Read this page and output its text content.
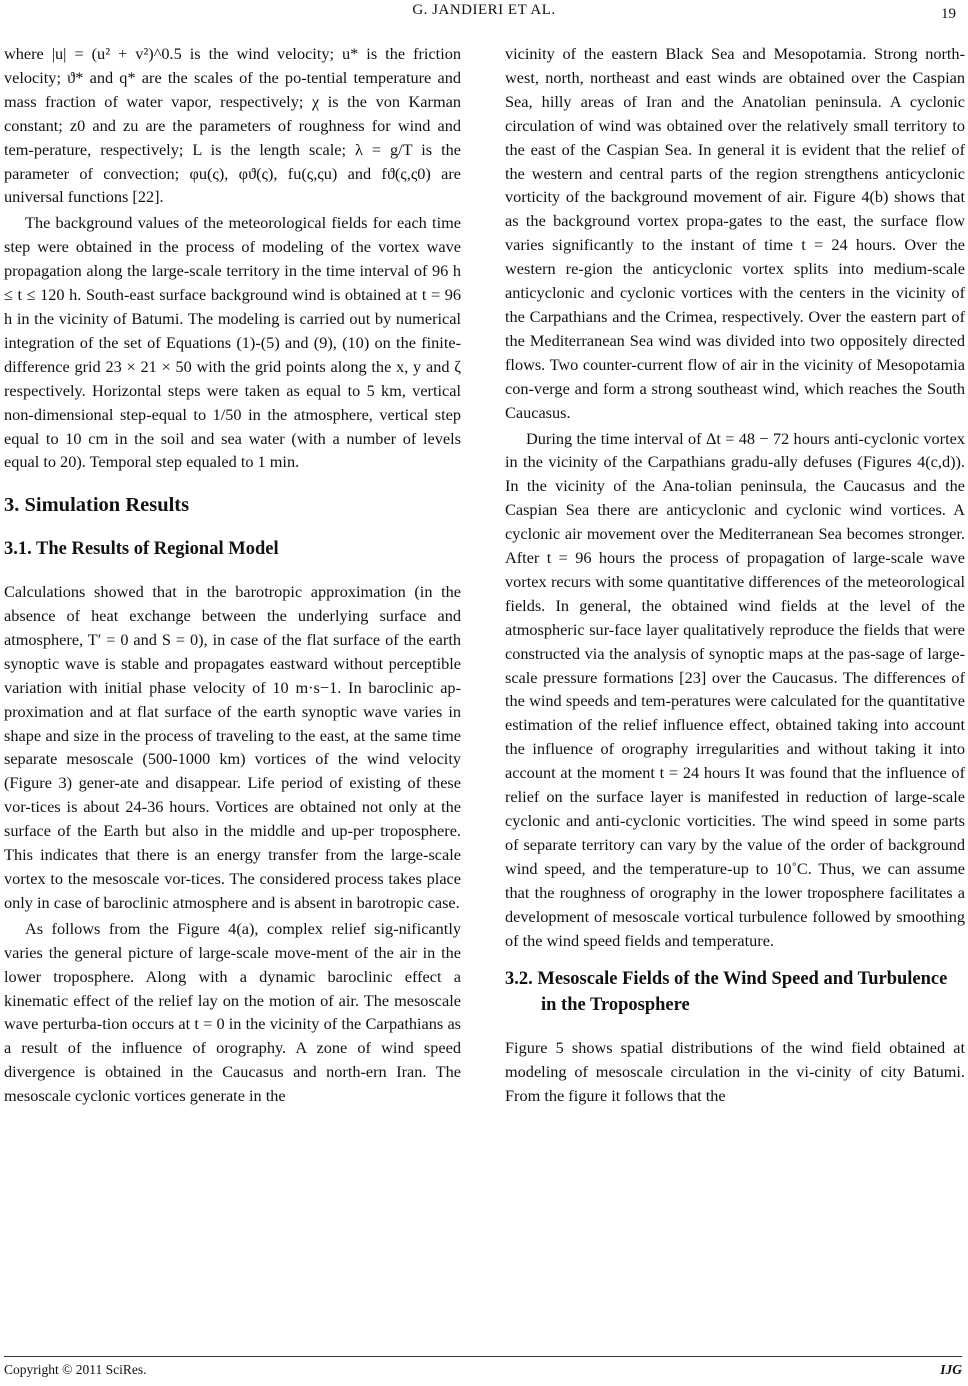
G. JANDIERI ET AL.	19

where |u| = (u² + v²)^0.5 is the wind velocity; u* is the friction velocity; ϑ* and q* are the scales of the po-tential temperature and mass fraction of water vapor, respectively; χ is the von Karman constant; z0 and zu are the parameters of roughness for wind and tem-perature, respectively; L is the length scale; λ = g/T is the parameter of convection; φu(ς), φϑ(ς), fu(ς,ςu) and fϑ(ς,ς0) are universal functions [22].

The background values of the meteorological fields for each time step were obtained in the process of modeling of the vortex wave propagation along the large-scale territory in the time interval of 96 h ≤ t ≤ 120 h. South-east surface background wind is obtained at t = 96 h in the vicinity of Batumi. The modeling is carried out by numerical integration of the set of Equations (1)-(5) and (9), (10) on the finite-difference grid 23 × 21 × 50 with the grid points along the x, y and ζ respectively. Horizontal steps were taken as equal to 5 km, vertical non-dimensional step-equal to 1/50 in the atmosphere, vertical step equal to 10 cm in the soil and sea water (with a number of levels equal to 20). Temporal step equaled to 1 min.

3. Simulation Results
3.1. The Results of Regional Model

Calculations showed that in the barotropic approximation (in the absence of heat exchange between the underlying surface and atmosphere, T′ = 0 and S = 0), in case of the flat surface of the earth synoptic wave is stable and propagates eastward without perceptible variation with initial phase velocity of 10 m·s−1. In baroclinic ap-proximation and at flat surface of the earth synoptic wave varies in shape and size in the process of traveling to the east, at the same time separate mesoscale (500-1000 km) vortices of the wind velocity (Figure 3) gener-ate and disappear. Life period of existing of these vor-tices is about 24-36 hours. Vortices are obtained not only at the surface of the Earth but also in the middle and up-per troposphere. This indicates that there is an energy transfer from the large-scale vortex to the mesoscale vor-tices. The considered process takes place only in case of baroclinic atmosphere and is absent in barotropic case.

As follows from the Figure 4(a), complex relief sig-nificantly varies the general picture of large-scale move-ment of the air in the lower troposphere. Along with a dynamic baroclinic effect a kinematic effect of the relief lay on the motion of air. The mesoscale wave perturba-tion occurs at t = 0 in the vicinity of the Carpathians as a result of the influence of orography. A zone of wind speed divergence is obtained in the Caucasus and north-ern Iran. The mesoscale cyclonic vortices generate in the

vicinity of the eastern Black Sea and Mesopotamia. Strong north-west, north, northeast and east winds are obtained over the Caspian Sea, hilly areas of Iran and the Anatolian peninsula. A cyclonic circulation of wind was obtained over the relatively small territory to the east of the Caspian Sea. In general it is evident that the relief of the western and central parts of the region strengthens anticyclonic vorticity of the background movement of air. Figure 4(b) shows that as the background vortex propa-gates to the east, the surface flow varies significantly to the instant of time t = 24 hours. Over the western re-gion the anticyclonic vortex splits into medium-scale anticyclonic and cyclonic vortices with the centers in the vicinity of the Carpathians and the Crimea, respectively. Over the eastern part of the Mediterranean Sea wind was divided into two oppositely directed flows. Two counter-current flow of air in the vicinity of Mesopotamia con-verge and form a strong southeast wind, which reaches the South Caucasus.

During the time interval of Δt = 48 − 72 hours anti-cyclonic vortex in the vicinity of the Carpathians gradu-ally defuses (Figures 4(c,d)). In the vicinity of the Ana-tolian peninsula, the Caucasus and the Caspian Sea there are anticyclonic and cyclonic wind vortices. A cyclonic air movement over the Mediterranean Sea becomes stronger. After t = 96 hours the process of propagation of large-scale wave vortex recurs with some quantitative differences of the meteorological fields. In general, the obtained wind fields at the level of the atmospheric sur-face layer qualitatively reproduce the fields that were constructed via the analysis of synoptic maps at the pas-sage of large-scale pressure formations [23] over the Caucasus. The differences of the wind speeds and tem-peratures were calculated for the quantitative estimation of the relief influence effect, obtained taking into account the influence of orography irregularities and without taking it into account at the moment t = 24 hours It was found that the influence of relief on the surface layer is manifested in reduction of large-scale cyclonic and anti-cyclonic vorticities. The wind speed in some parts of separate territory can vary by the value of the order of background wind speed, and the temperature-up to 10˚C. Thus, we can assume that the roughness of orography in the lower troposphere facilitates a development of mesoscale vortical turbulence followed by smoothing of the wind speed fields and temperature.

3.2. Mesoscale Fields of the Wind Speed and Turbulence in the Troposphere

Figure 5 shows spatial distributions of the wind field obtained at modeling of mesoscale circulation in the vi-cinity of city Batumi. From the figure it follows that the

Copyright © 2011 SciRes.	IJG
